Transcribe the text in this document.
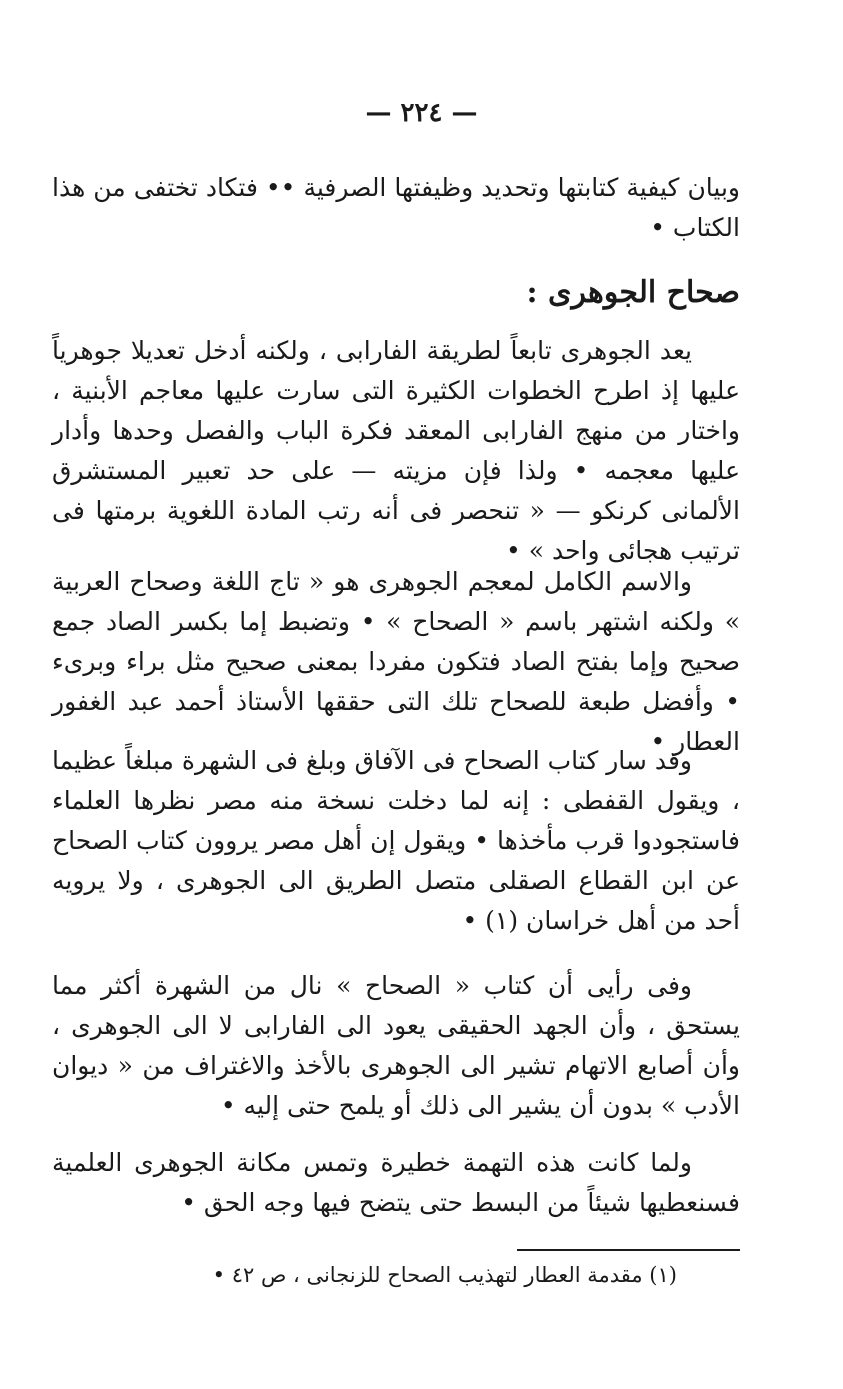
— ٢٢٤ —
وبيان كيفية كتابتها وتحديد وظيفتها الصرفية •• فتكاد تختفى من هذا الكتاب •
صحاح الجوهرى :
يعد الجوهرى تابعاً لطريقة الفارابى ، ولكنه أدخل تعديلا جوهرياً عليها إذ اطرح الخطوات الكثيرة التى سارت عليها معاجم الأبنية ، واختار من منهج الفارابى المعقد فكرة الباب والفصل وحدها وأدار عليها معجمه • ولذا فإن مزيته — على حد تعبير المستشرق الألمانى كرنكو — « تنحصر فى أنه رتب المادة اللغوية برمتها فى ترتيب هجائى واحد » •
والاسم الكامل لمعجم الجوهرى هو « تاج اللغة وصحاح العربية » ولكنه اشتهر باسم « الصحاح » • وتضبط إما بكسر الصاد جمع صحيح وإما بفتح الصاد فتكون مفردا بمعنى صحيح مثل براء وبرىء • وأفضل طبعة للصحاح تلك التى حققها الأستاذ أحمد عبد الغفور العطار •
وقد سار كتاب الصحاح فى الآفاق وبلغ فى الشهرة مبلغاً عظيما ، ويقول القفطى : إنه لما دخلت نسخة منه مصر نظرها العلماء فاستجودوا قرب مأخذها • ويقول إن أهل مصر يروون كتاب الصحاح عن ابن القطاع الصقلى متصل الطريق الى الجوهرى ، ولا يرويه أحد من أهل خراسان (١) •
وفى رأيى أن كتاب « الصحاح » نال من الشهرة أكثر مما يستحق ، وأن الجهد الحقيقى يعود الى الفارابى لا الى الجوهرى ، وأن أصابع الاتهام تشير الى الجوهرى بالأخذ والاغتراف من « ديوان الأدب » بدون أن يشير الى ذلك أو يلمح حتى إليه •
ولما كانت هذه التهمة خطيرة وتمس مكانة الجوهرى العلمية فسنعطيها شيئاً من البسط حتى يتضح فيها وجه الحق •
(١) مقدمة العطار لتهذيب الصحاح للزنجانى ، ص ٤٢ •
